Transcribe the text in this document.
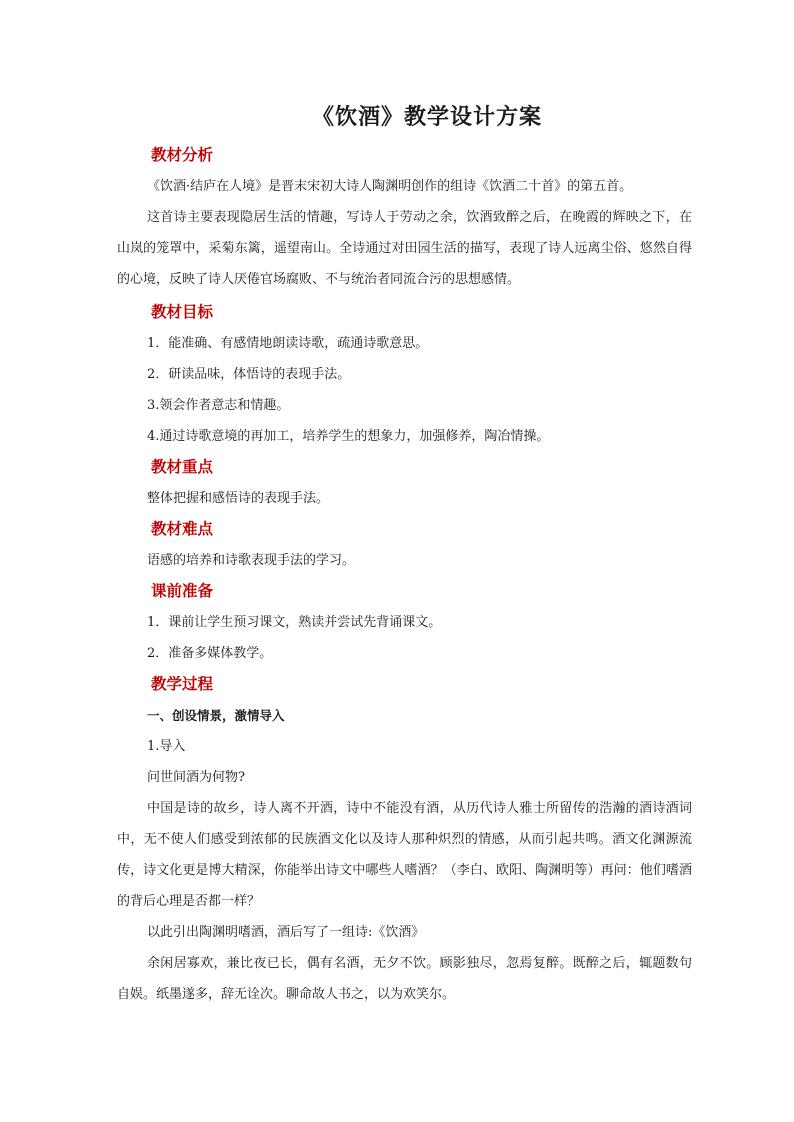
《饮酒》教学设计方案
教材分析
《饮酒·结庐在人境》是晋末宋初大诗人陶渊明创作的组诗《饮酒二十首》的第五首。
这首诗主要表现隐居生活的情趣，写诗人于劳动之余，饮酒致醉之后，在晚霞的辉映之下，在山岚的笼罩中，采菊东篱，遥望南山。全诗通过对田园生活的描写，表现了诗人远离尘俗、悠然自得的心境，反映了诗人厌倦官场腐败、不与统治者同流合污的思想感情。
教材目标
1．能准确、有感情地朗读诗歌，疏通诗歌意思。
2．研读品味，体悟诗的表现手法。
3.领会作者意志和情趣。
4.通过诗歌意境的再加工，培养学生的想象力，加强修养，陶冶情操。
教材重点
整体把握和感悟诗的表现手法。
教材难点
语感的培养和诗歌表现手法的学习。
课前准备
1．课前让学生预习课文，熟读并尝试先背诵课文。
2．准备多媒体教学。
教学过程
一、创设情景，激情导入
1.导入
问世间酒为何物?
中国是诗的故乡，诗人离不开酒，诗中不能没有酒，从历代诗人雅士所留传的浩瀚的酒诗酒词中，无不使人们感受到浓郁的民族酒文化以及诗人那种炽烈的情感，从而引起共鸣。酒文化渊源流传，诗文化更是博大精深，你能举出诗文中哪些人嗜酒？（李白、欧阳、陶渊明等）再问：他们嗜酒的背后心理是否都一样？
以此引出陶渊明嗜酒，酒后写了一组诗:《饮酒》
余闲居寡欢，兼比夜已长，偶有名酒，无夕不饮。顾影独尽，忽焉复醉。既醉之后，辄题数句自娱。纸墨遂多，辞无诠次。聊命故人书之，以为欢笑尔。
